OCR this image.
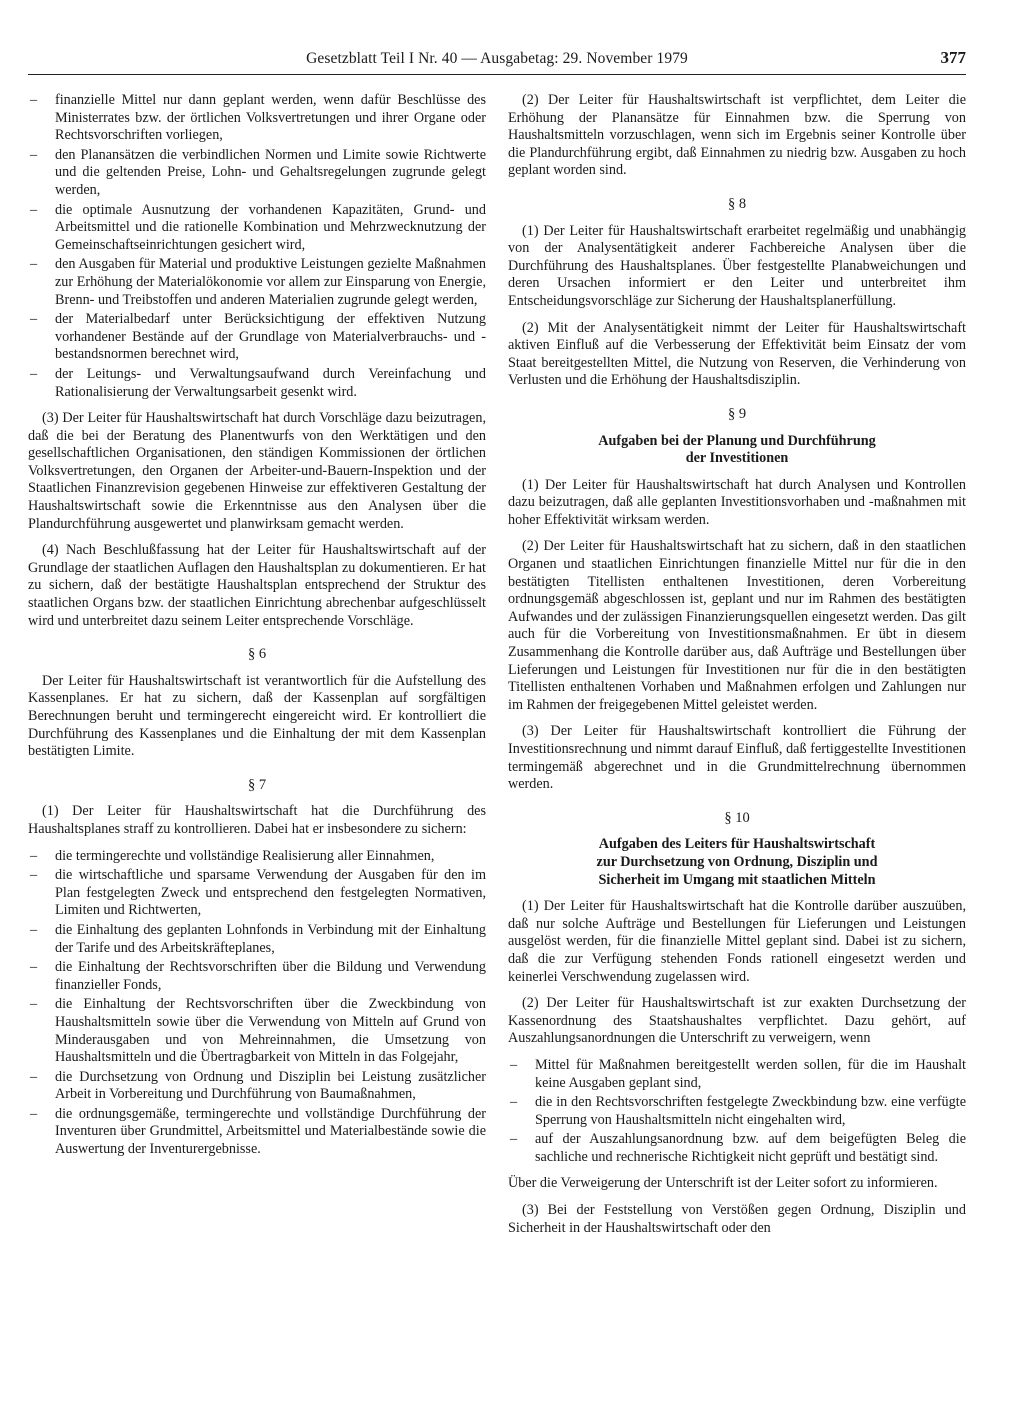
Gesetzblatt Teil I Nr. 40 — Ausgabetag: 29. November 1979	377
– finanzielle Mittel nur dann geplant werden, wenn dafür Beschlüsse des Ministerrates bzw. der örtlichen Volksvertretungen und ihrer Organe oder Rechtsvorschriften vorliegen,
– den Planansätzen die verbindlichen Normen und Limite sowie Richtwerte und die geltenden Preise, Lohn- und Gehaltsregelungen zugrunde gelegt werden,
– die optimale Ausnutzung der vorhandenen Kapazitäten, Grund- und Arbeitsmittel und die rationelle Kombination und Mehrzwecknutzung der Gemeinschaftseinrichtungen gesichert wird,
– den Ausgaben für Material und produktive Leistungen gezielte Maßnahmen zur Erhöhung der Materialökonomie vor allem zur Einsparung von Energie, Brenn- und Treibstoffen und anderen Materialien zugrunde gelegt werden,
– der Materialbedarf unter Berücksichtigung der effektiven Nutzung vorhandener Bestände auf der Grundlage von Materialverbrauchs- und -bestandsnormen berechnet wird,
– der Leitungs- und Verwaltungsaufwand durch Vereinfachung und Rationalisierung der Verwaltungsarbeit gesenkt wird.

(3) Der Leiter für Haushaltswirtschaft hat durch Vorschläge dazu beizutragen, daß die bei der Beratung des Planentwurfs von den Werktätigen und den gesellschaftlichen Organisationen, den ständigen Kommissionen der örtlichen Volksvertretungen, den Organen der Arbeiter-und-Bauern-Inspektion und der Staatlichen Finanzrevision gegebenen Hinweise zur effektiveren Gestaltung der Haushaltswirtschaft sowie die Erkenntnisse aus den Analysen über die Plandurchführung ausgewertet und planwirksam gemacht werden.

(4) Nach Beschlußfassung hat der Leiter für Haushaltswirtschaft auf der Grundlage der staatlichen Auflagen den Haushaltsplan zu dokumentieren. Er hat zu sichern, daß der bestätigte Haushaltsplan entsprechend der Struktur des staatlichen Organs bzw. der staatlichen Einrichtung abrechenbar aufgeschlüsselt wird und unterbreitet dazu seinem Leiter entsprechende Vorschläge.

§ 6

Der Leiter für Haushaltswirtschaft ist verantwortlich für die Aufstellung des Kassenplanes. Er hat zu sichern, daß der Kassenplan auf sorgfältigen Berechnungen beruht und termingerecht eingereicht wird. Er kontrolliert die Durchführung des Kassenplanes und die Einhaltung der mit dem Kassenplan bestätigten Limite.

§ 7

(1) Der Leiter für Haushaltswirtschaft hat die Durchführung des Haushaltsplanes straff zu kontrollieren. Dabei hat er insbesondere zu sichern:

– die termingerechte und vollständige Realisierung aller Einnahmen,
– die wirtschaftliche und sparsame Verwendung der Ausgaben für den im Plan festgelegten Zweck und entsprechend den festgelegten Normativen, Limiten und Richtwerten,
– die Einhaltung des geplanten Lohnfonds in Verbindung mit der Einhaltung der Tarife und des Arbeitskräfteplanes,
– die Einhaltung der Rechtsvorschriften über die Bildung und Verwendung finanzieller Fonds,
– die Einhaltung der Rechtsvorschriften über die Zweckbindung von Haushaltsmitteln sowie über die Verwendung von Mitteln auf Grund von Minderausgaben und von Mehreinnahmen, die Umsetzung von Haushaltsmitteln und die Übertragbarkeit von Mitteln in das Folgejahr,
– die Durchsetzung von Ordnung und Disziplin bei Leistung zusätzlicher Arbeit in Vorbereitung und Durchführung von Baumaßnahmen,
– die ordnungsgemäße, termingerechte und vollständige Durchführung der Inventuren über Grundmittel, Arbeitsmittel und Materialbestände sowie die Auswertung der Inventurergebnisse.

(2) Der Leiter für Haushaltswirtschaft ist verpflichtet, dem Leiter die Erhöhung der Planansätze für Einnahmen bzw. die Sperrung von Haushaltsmitteln vorzuschlagen, wenn sich im Ergebnis seiner Kontrolle über die Plandurchführung ergibt, daß Einnahmen zu niedrig bzw. Ausgaben zu hoch geplant worden sind.

§ 8

(1) Der Leiter für Haushaltswirtschaft erarbeitet regelmäßig und unabhängig von der Analysentätigkeit anderer Fachbereiche Analysen über die Durchführung des Haushaltsplanes. Über festgestellte Planabweichungen und deren Ursachen informiert er den Leiter und unterbreitet ihm Entscheidungsvorschläge zur Sicherung der Haushaltsplanerfüllung.

(2) Mit der Analysentätigkeit nimmt der Leiter für Haushaltswirtschaft aktiven Einfluß auf die Verbesserung der Effektivität beim Einsatz der vom Staat bereitgestellten Mittel, die Nutzung von Reserven, die Verhinderung von Verlusten und die Erhöhung der Haushaltsdisziplin.

§ 9
Aufgaben bei der Planung und Durchführung
der Investitionen

(1) Der Leiter für Haushaltswirtschaft hat durch Analysen und Kontrollen dazu beizutragen, daß alle geplanten Investitionsvorhaben und -maßnahmen mit hoher Effektivität wirksam werden.

(2) Der Leiter für Haushaltswirtschaft hat zu sichern, daß in den staatlichen Organen und staatlichen Einrichtungen finanzielle Mittel nur für die in den bestätigten Titellisten enthaltenen Investitionen, deren Vorbereitung ordnungsgemäß abgeschlossen ist, geplant und nur im Rahmen des bestätigten Aufwandes und der zulässigen Finanzierungsquellen eingesetzt werden. Das gilt auch für die Vorbereitung von Investitionsmaßnahmen. Er übt in diesem Zusammenhang die Kontrolle darüber aus, daß Aufträge und Bestellungen über Lieferungen und Leistungen für Investitionen nur für die in den bestätigten Titellisten enthaltenen Vorhaben und Maßnahmen erfolgen und Zahlungen nur im Rahmen der freigegebenen Mittel geleistet werden.

(3) Der Leiter für Haushaltswirtschaft kontrolliert die Führung der Investitionsrechnung und nimmt darauf Einfluß, daß fertiggestellte Investitionen termingemäß abgerechnet und in die Grundmittelrechnung übernommen werden.

§ 10
Aufgaben des Leiters für Haushaltswirtschaft
zur Durchsetzung von Ordnung, Disziplin und
Sicherheit im Umgang mit staatlichen Mitteln

(1) Der Leiter für Haushaltswirtschaft hat die Kontrolle darüber auszuüben, daß nur solche Aufträge und Bestellungen für Lieferungen und Leistungen ausgelöst werden, für die finanzielle Mittel geplant sind. Dabei ist zu sichern, daß die zur Verfügung stehenden Fonds rationell eingesetzt werden und keinerlei Verschwendung zugelassen wird.

(2) Der Leiter für Haushaltswirtschaft ist zur exakten Durchsetzung der Kassenordnung des Staatshaushaltes verpflichtet. Dazu gehört, auf Auszahlungsanordnungen die Unterschrift zu verweigern, wenn

– Mittel für Maßnahmen bereitgestellt werden sollen, für die im Haushalt keine Ausgaben geplant sind,
– die in den Rechtsvorschriften festgelegte Zweckbindung bzw. eine verfügte Sperrung von Haushaltsmitteln nicht eingehalten wird,
– auf der Auszahlungsanordnung bzw. auf dem beigefügten Beleg die sachliche und rechnerische Richtigkeit nicht geprüft und bestätigt sind.

Über die Verweigerung der Unterschrift ist der Leiter sofort zu informieren.

(3) Bei der Feststellung von Verstößen gegen Ordnung, Disziplin und Sicherheit in der Haushaltswirtschaft oder den
